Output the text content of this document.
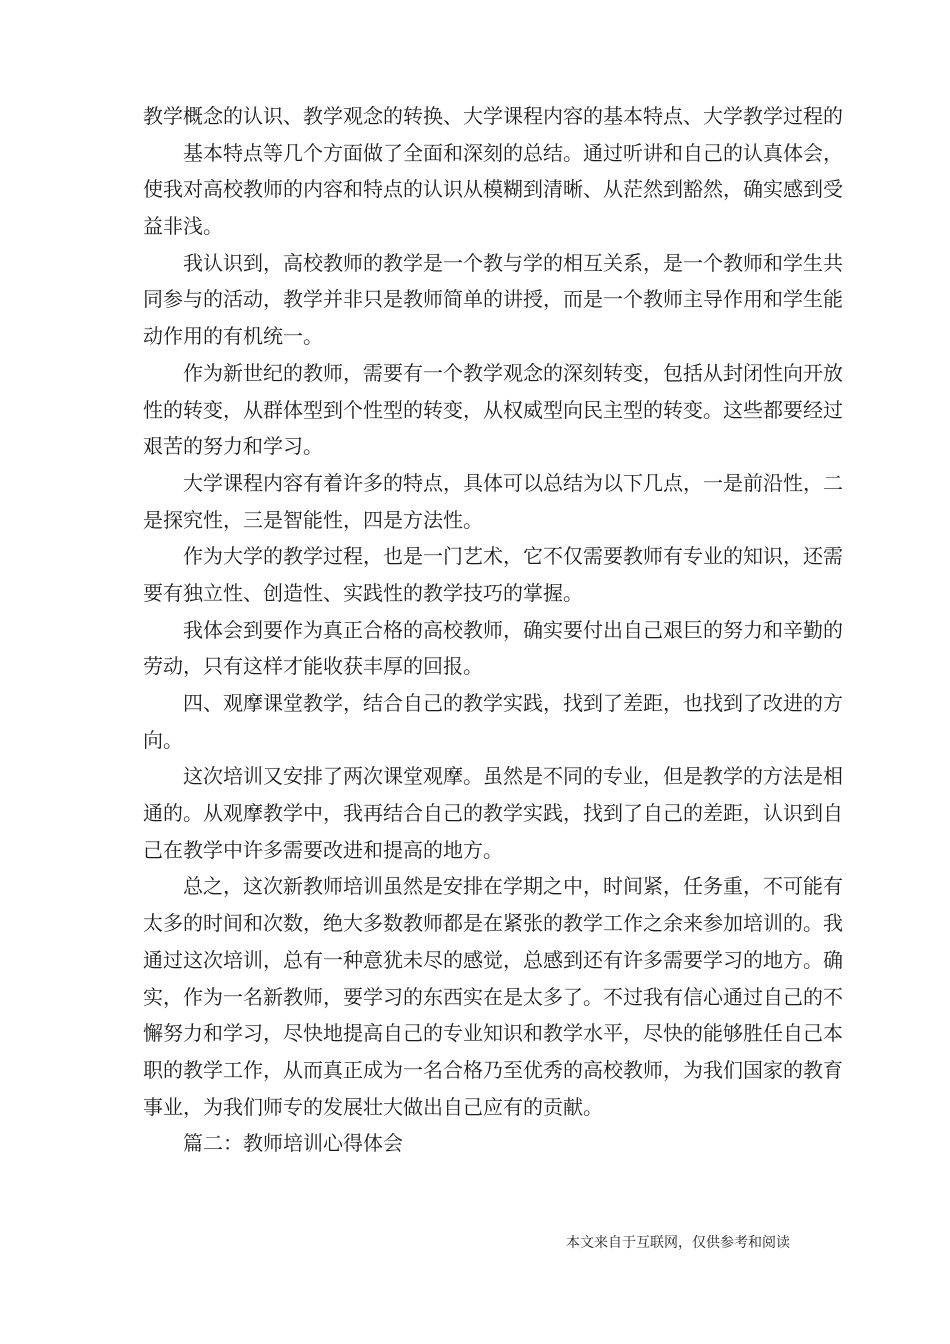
教学概念的认识、教学观念的转换、大学课程内容的基本特点、大学教学过程的
基本特点等几个方面做了全面和深刻的总结。通过听讲和自己的认真体会，
使我对高校教师的内容和特点的认识从模糊到清晰、从茫然到豁然，确实感到受
益非浅。
我认识到，高校教师的教学是一个教与学的相互关系，是一个教师和学生共
同参与的活动，教学并非只是教师简单的讲授，而是一个教师主导作用和学生能
动作用的有机统一。
作为新世纪的教师，需要有一个教学观念的深刻转变，包括从封闭性向开放
性的转变，从群体型到个性型的转变，从权威型向民主型的转变。这些都要经过
艰苦的努力和学习。
大学课程内容有着许多的特点，具体可以总结为以下几点，一是前沿性，二
是探究性，三是智能性，四是方法性。
作为大学的教学过程，也是一门艺术，它不仅需要教师有专业的知识，还需
要有独立性、创造性、实践性的教学技巧的掌握。
我体会到要作为真正合格的高校教师，确实要付出自己艰巨的努力和辛勤的
劳动，只有这样才能收获丰厚的回报。
四、观摩课堂教学，结合自己的教学实践，找到了差距，也找到了改进的方
向。
这次培训又安排了两次课堂观摩。虽然是不同的专业，但是教学的方法是相
通的。从观摩教学中，我再结合自己的教学实践，找到了自己的差距，认识到自
己在教学中许多需要改进和提高的地方。
总之，这次新教师培训虽然是安排在学期之中，时间紧，任务重，不可能有
太多的时间和次数，绝大多数教师都是在紧张的教学工作之余来参加培训的。我
通过这次培训，总有一种意犹未尽的感觉，总感到还有许多需要学习的地方。确
实，作为一名新教师，要学习的东西实在是太多了。不过我有信心通过自己的不
懈努力和学习，尽快地提高自己的专业知识和教学水平，尽快的能够胜任自己本
职的教学工作，从而真正成为一名合格乃至优秀的高校教师，为我们国家的教育
事业，为我们师专的发展壮大做出自己应有的贡献。
篇二：教师培训心得体会
本文来自于互联网，仅供参考和阅读
